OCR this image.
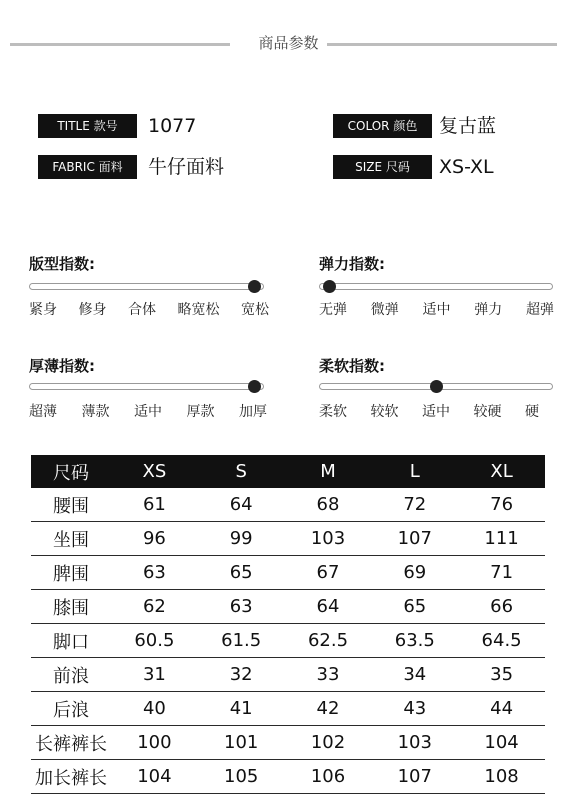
商品参数
TITLE 款号	1077	COLOR 颜色	复古蓝
FABRIC 面料	牛仔面料	SIZE 尺码	XS-XL
版型指数:
紧身 修身 合体 略宽松 宽松
弹力指数:
无弹 微弹 适中 弹力 超弹
厚薄指数:
超薄 薄款 适中 厚款 加厚
柔软指数:
柔软 较软 适中 较硬 硬
尺码	XS	S	M	L	XL
腰围	61	64	68	72	76
坐围	96	99	103	107	111
脾围	63	65	67	69	71
膝围	62	63	64	65	66
脚口	60.5	61.5	62.5	63.5	64.5
前浪	31	32	33	34	35
后浪	40	41	42	43	44
长裤裤长	100	101	102	103	104
加长裤长	104	105	106	107	108
